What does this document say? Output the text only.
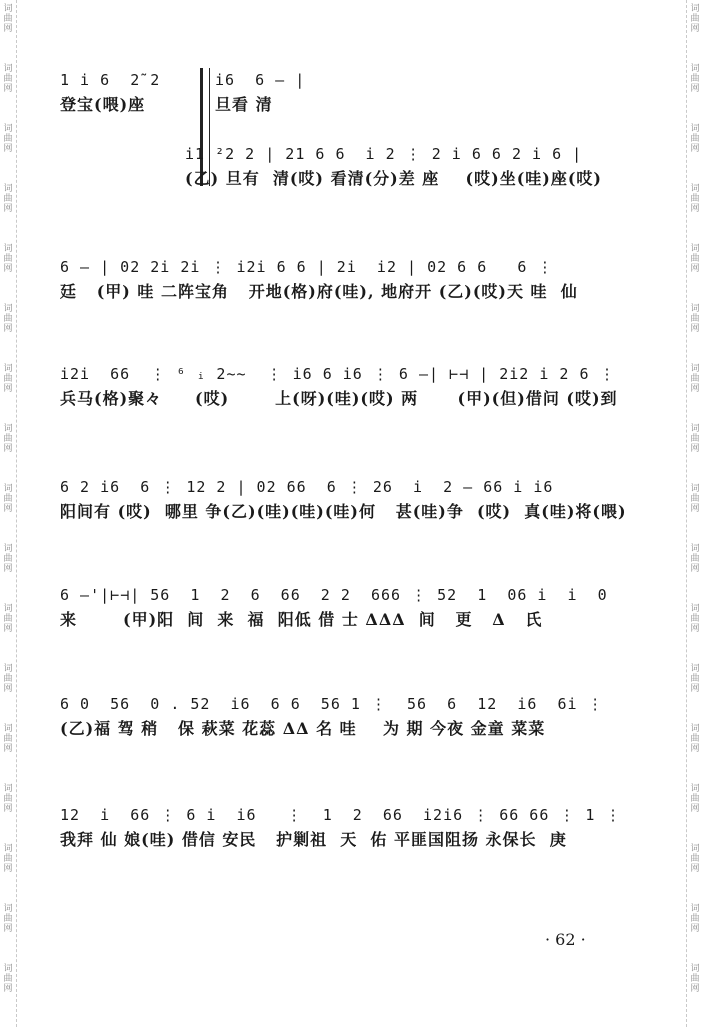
词
曲
网
词
曲
网
词
曲
网
词
曲
网
词
曲
网
词
曲
网
词
曲
网
词
曲
网
词
曲
网
词
曲
网
词
曲
网
词
曲
网
词
曲
网
词
曲
网
词
曲
网
词
曲
网
词
曲
网
词
曲
网
词
曲
网
词
曲
网
词
曲
网
词
曲
网
词
曲
网
词
曲
网
词
曲
网
词
曲
网
词
曲
网
词
曲
网
词
曲
网
词
曲
网
词
曲
网
词
曲
网
词
曲
网
词
曲
网
1 i 6  2̃ 2
登宝(喂)座
i6  6 — |
旦看 清
i1 ²2 2 | 21 6 6  i 2 ⋮ 2 i 6 6 2 i 6 |
(乙) 旦有  清(哎) 看清(分)差 座    (哎)坐(哇)座(哎)
6 — | 02 2i 2i ⋮ i2i 6 6 | 2i  i2 | 02 6 6   6 ⋮
廷   (甲) 哇 二阵宝角   开地(格)府(哇), 地府开 (乙)(哎)天 哇  仙
i2i  66  ⋮ ⁶ ᵢ 2~~  ⋮ i6 6 i6 ⋮ 6 —| ⊢⊣ | 2i2 i 2 6 ⋮
兵马(格)聚々     (哎)       上(呀)(哇)(哎) 两      (甲)(但)借问 (哎)到
6 2 i6  6 ⋮ 12 2 | 02 66  6 ⋮ 26  i  2 — 66 i i6
阳间有 (哎)  哪里 争(乙)(哇)(哇)(哇)何   甚(哇)争  (哎)  真(哇)将(喂)
6 —'|⊢⊣| 56  1  2  6  66  2 2  666 ⋮ 52  1  06 i  i  0
来       (甲)阳  间  来  福  阳低 借 士 ΔΔΔ  间   更   Δ   氏
6 0  56  0 . 52  i6  6 6  56 1 ⋮  56  6  12  i6  6i ⋮
(乙)福 驾 稍   保 萩菜 花蕊 ΔΔ 名 哇    为 期 今夜 金童 菜菜
12  i  66 ⋮ 6 i  i6   ⋮  1  2  66  i2i6 ⋮ 66 66 ⋮ 1 ⋮
我拜 仙 娘(哇) 借信 安民   护剿祖  天  佑 平匪国阻扬 永保长  庚
· 62 ·
